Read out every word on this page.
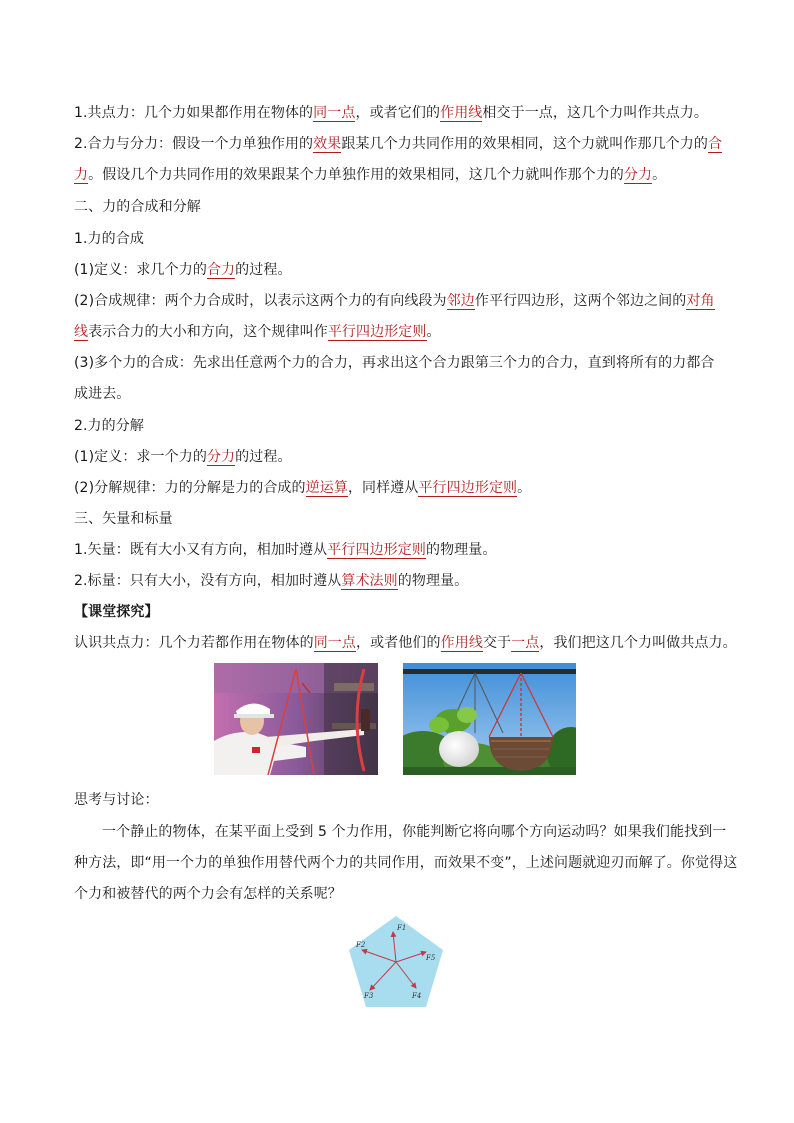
1.共点力：几个力如果都作用在物体的同一点，或者它们的作用线相交于一点，这几个力叫作共点力。
2.合力与分力：假设一个力单独作用的效果跟某几个力共同作用的效果相同，这个力就叫作那几个力的合
力。假设几个力共同作用的效果跟某个力单独作用的效果相同，这几个力就叫作那个力的分力。
二、力的合成和分解
1.力的合成
(1)定义：求几个力的合力的过程。
(2)合成规律：两个力合成时，以表示这两个力的有向线段为邻边作平行四边形，这两个邻边之间的对角
线表示合力的大小和方向，这个规律叫作平行四边形定则。
(3)多个力的合成：先求出任意两个力的合力，再求出这个合力跟第三个力的合力，直到将所有的力都合
成进去。
2.力的分解
(1)定义：求一个力的分力的过程。
(2)分解规律：力的分解是力的合成的逆运算，同样遵从平行四边形定则。
三、矢量和标量
1.矢量：既有大小又有方向，相加时遵从平行四边形定则的物理量。
2.标量：只有大小，没有方向，相加时遵从算术法则的物理量。
【课堂探究】
认识共点力：几个力若都作用在物体的同一点，或者他们的作用线交于一点，我们把这几个力叫做共点力。
思考与讨论：
一个静止的物体，在某平面上受到 5 个力作用，你能判断它将向哪个方向运动吗？如果我们能找到一
种方法，即“用一个力的单独作用替代两个力的共同作用，而效果不变”，上述问题就迎刃而解了。你觉得这
个力和被替代的两个力会有怎样的关系呢？
F1
F2
F3	F4
F5
